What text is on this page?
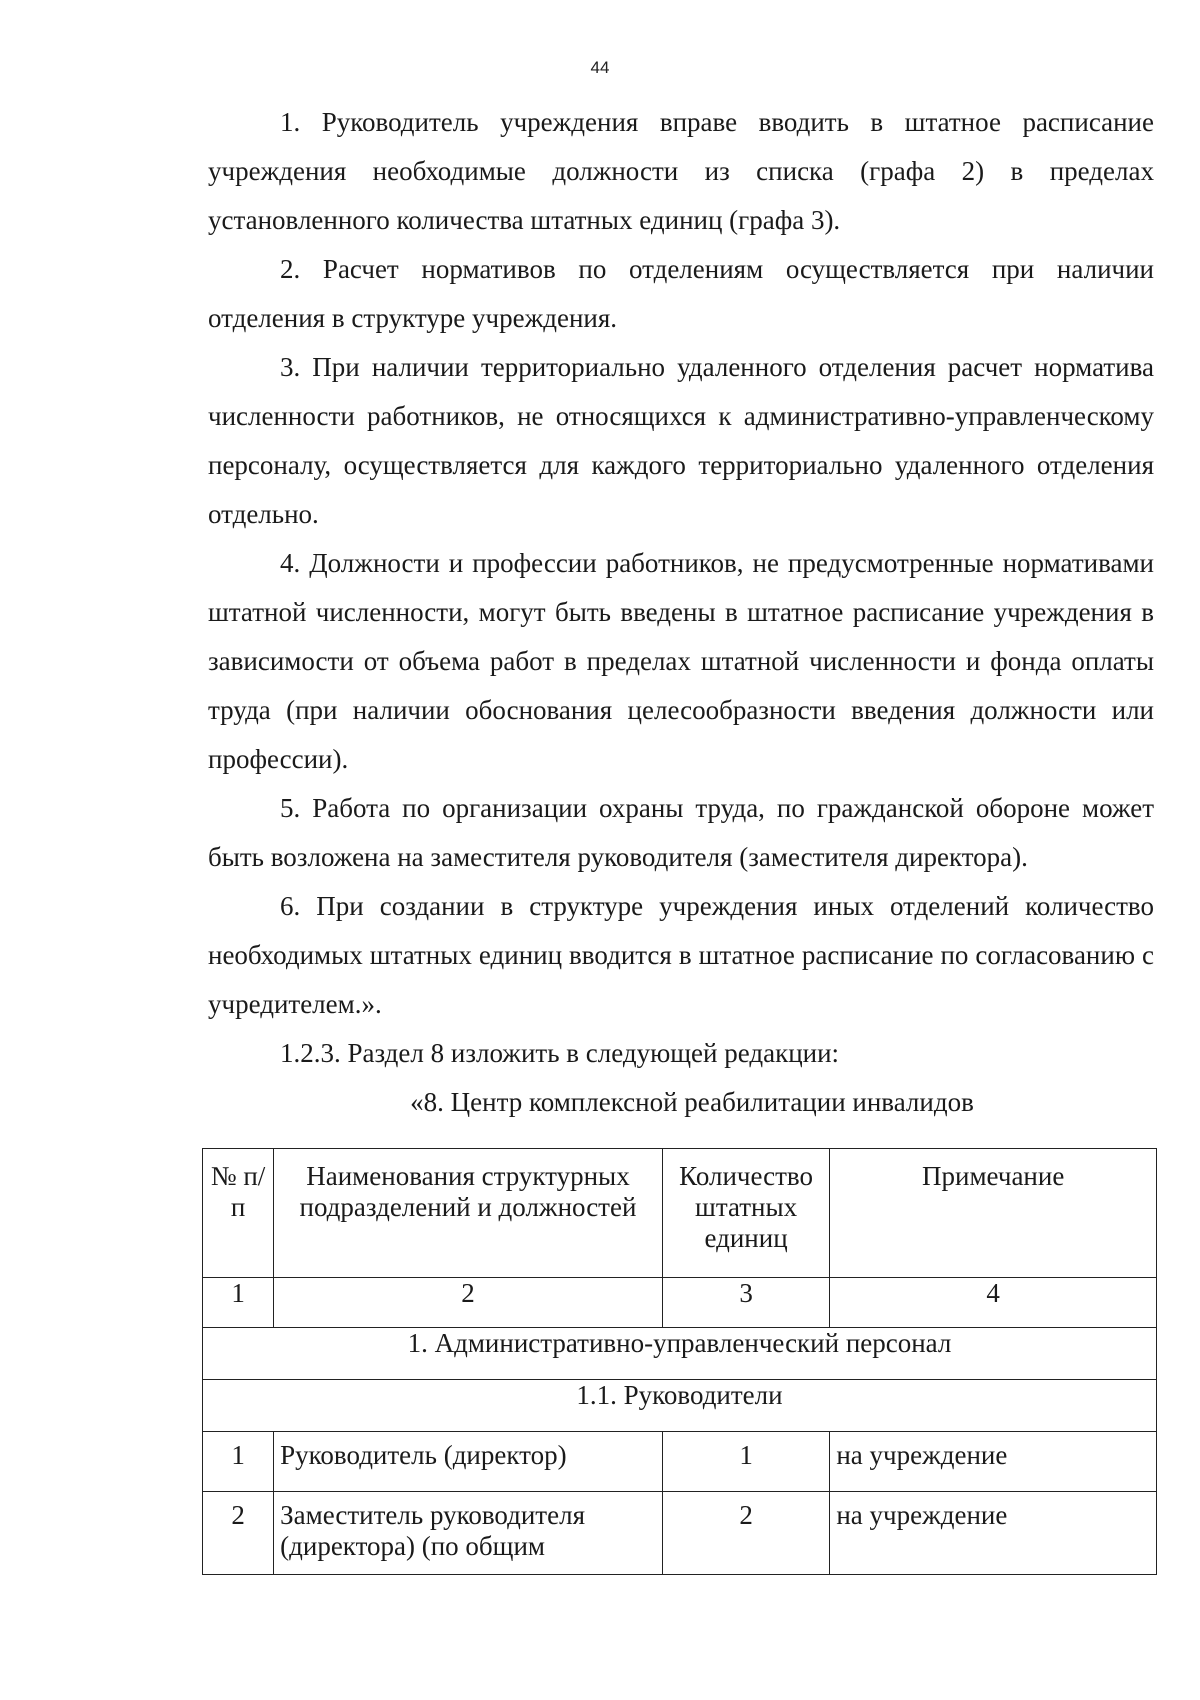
44

1. Руководитель учреждения вправе вводить в штатное расписание учреждения необходимые должности из списка (графа 2) в пределах установленного количества штатных единиц (графа 3).

2. Расчет нормативов по отделениям осуществляется при наличии отделения в структуре учреждения.

3. При наличии территориально удаленного отделения расчет норматива численности работников, не относящихся к административно-управленческому персоналу, осуществляется для каждого территориально удаленного отделения отдельно.

4. Должности и профессии работников, не предусмотренные нормативами штатной численности, могут быть введены в штатное расписание учреждения в зависимости от объема работ в пределах штатной численности и фонда оплаты труда (при наличии обоснования целесообразности введения должности или профессии).

5. Работа по организации охраны труда, по гражданской обороне может быть возложена на заместителя руководителя (заместителя директора).

6. При создании в структуре учреждения иных отделений количество необходимых штатных единиц вводится в штатное расписание по согласованию с учредителем.».

1.2.3. Раздел 8 изложить в следующей редакции:

«8. Центр комплексной реабилитации инвалидов

№ п/п	Наименования структурных подразделений и должностей	Количество штатных единиц	Примечание
1	2	3	4
1. Административно-управленческий персонал			
1.1. Руководители			
1	Руководитель (директор)	1	на учреждение
2	Заместитель руководителя (директора) (по общим	2	на учреждение
